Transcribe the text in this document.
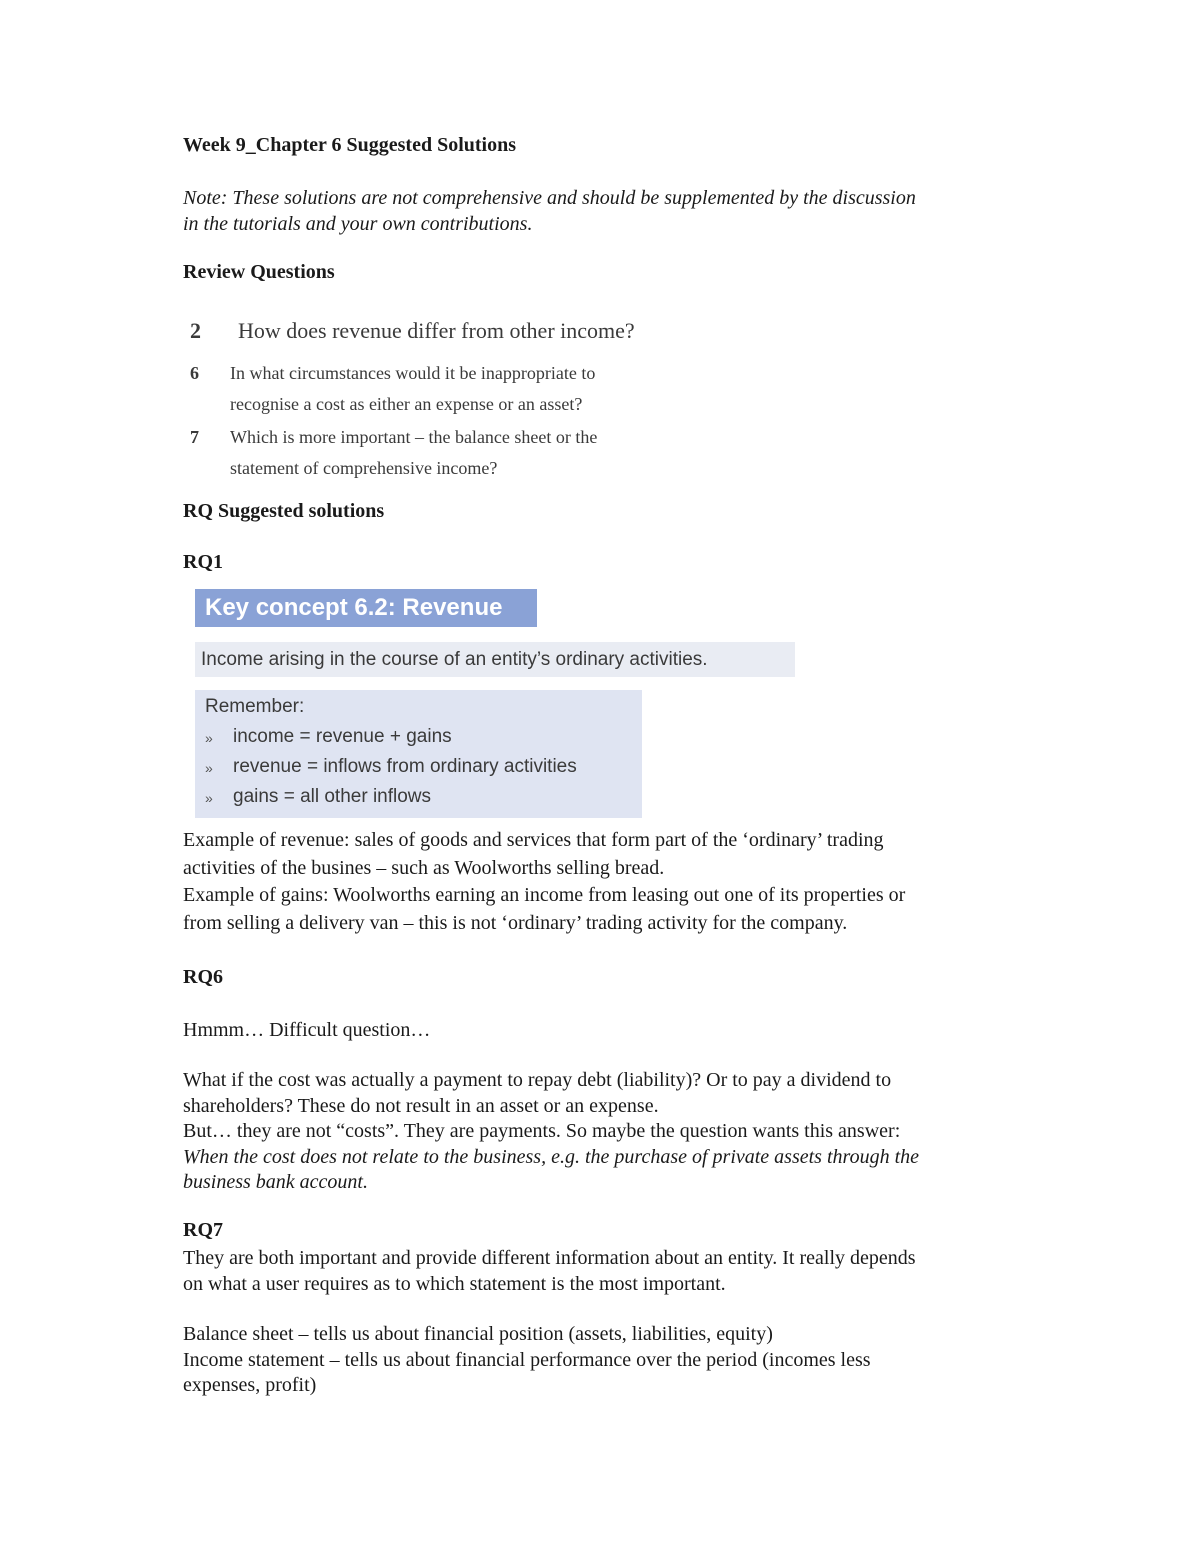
Week 9_Chapter 6 Suggested Solutions

Note: These solutions are not comprehensive and should be supplemented by the discussion

in the tutorials and your own contributions.

Review Questions
2 How does revenue differ from other income?
6 In what circumstances would it be inappropriate to
recognise a cost as either an expense or an asset?
7 Which is more important – the balance sheet or the
statement of comprehensive income?
RQ Suggested solutions
RQ1
Key concept 6.2: Revenue
Income arising in the course of an entity’s ordinary activities.
Remember:
» income = revenue + gains
» revenue = inflows from ordinary activities
» gains = all other inflows

Example of revenue: sales of goods and services that form part of the ‘ordinary’ trading

activities of the busines – such as Woolworths selling bread.

Example of gains: Woolworths earning an income from leasing out one of its properties or

from selling a delivery van – this is not ‘ordinary’ trading activity for the company.

RQ6

Hmmm… Difficult question…

What if the cost was actually a payment to repay debt (liability)? Or to pay a dividend to

shareholders? These do not result in an asset or an expense.

But… they are not “costs”. They are payments. So maybe the question wants this answer:

When the cost does not relate to the business, e.g. the purchase of private assets through the

business bank account.

RQ7

They are both important and provide different information about an entity. It really depends

on what a user requires as to which statement is the most important.

Balance sheet – tells us about financial position (assets, liabilities, equity)

Income statement – tells us about financial performance over the period (incomes less

expenses, profit)
